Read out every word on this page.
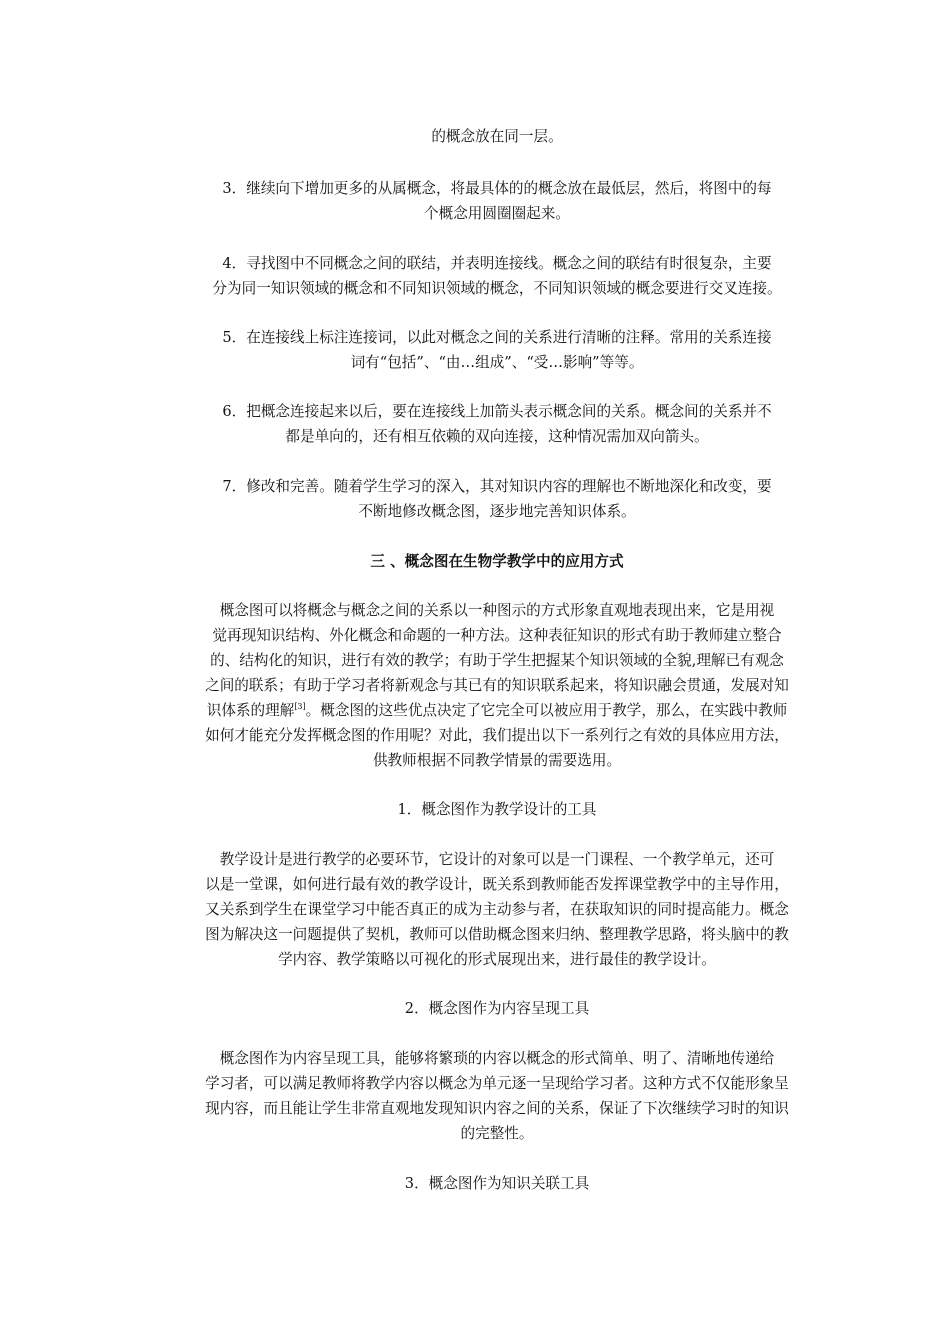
的概念放在同一层。
3．继续向下增加更多的从属概念，将最具体的的概念放在最低层，然后，将图中的每
个概念用圆圈圈起来。
4．寻找图中不同概念之间的联结，并表明连接线。概念之间的联结有时很复杂，主要
分为同一知识领域的概念和不同知识领域的概念，不同知识领域的概念要进行交叉连接。
5．在连接线上标注连接词，以此对概念之间的关系进行清晰的注释。常用的关系连接
词有“包括”、“由…组成”、“受…影响”等等。
6．把概念连接起来以后，要在连接线上加箭头表示概念间的关系。概念间的关系并不
都是单向的，还有相互依赖的双向连接，这种情况需加双向箭头。
7．修改和完善。随着学生学习的深入，其对知识内容的理解也不断地深化和改变，要
不断地修改概念图，逐步地完善知识体系。
三 、概念图在生物学教学中的应用方式
概念图可以将概念与概念之间的关系以一种图示的方式形象直观地表现出来，它是用视
觉再现知识结构、外化概念和命题的一种方法。这种表征知识的形式有助于教师建立整合
的、结构化的知识，进行有效的教学；有助于学生把握某个知识领域的全貌,理解已有观念
之间的联系；有助于学习者将新观念与其已有的知识联系起来，将知识融会贯通，发展对知
识体系的理解[3]。概念图的这些优点决定了它完全可以被应用于教学，那么，在实践中教师
如何才能充分发挥概念图的作用呢？对此，我们提出以下一系列行之有效的具体应用方法，
供教师根据不同教学情景的需要选用。
1．概念图作为教学设计的工具
教学设计是进行教学的必要环节，它设计的对象可以是一门课程、一个教学单元，还可
以是一堂课，如何进行最有效的教学设计，既关系到教师能否发挥课堂教学中的主导作用，
又关系到学生在课堂学习中能否真正的成为主动参与者，在获取知识的同时提高能力。概念
图为解决这一问题提供了契机，教师可以借助概念图来归纳、整理教学思路，将头脑中的教
学内容、教学策略以可视化的形式展现出来，进行最佳的教学设计。
2．概念图作为内容呈现工具
概念图作为内容呈现工具，能够将繁琐的内容以概念的形式简单、明了、清晰地传递给
学习者，可以满足教师将教学内容以概念为单元逐一呈现给学习者。这种方式不仅能形象呈
现内容，而且能让学生非常直观地发现知识内容之间的关系，保证了下次继续学习时的知识
的完整性。
3．概念图作为知识关联工具
